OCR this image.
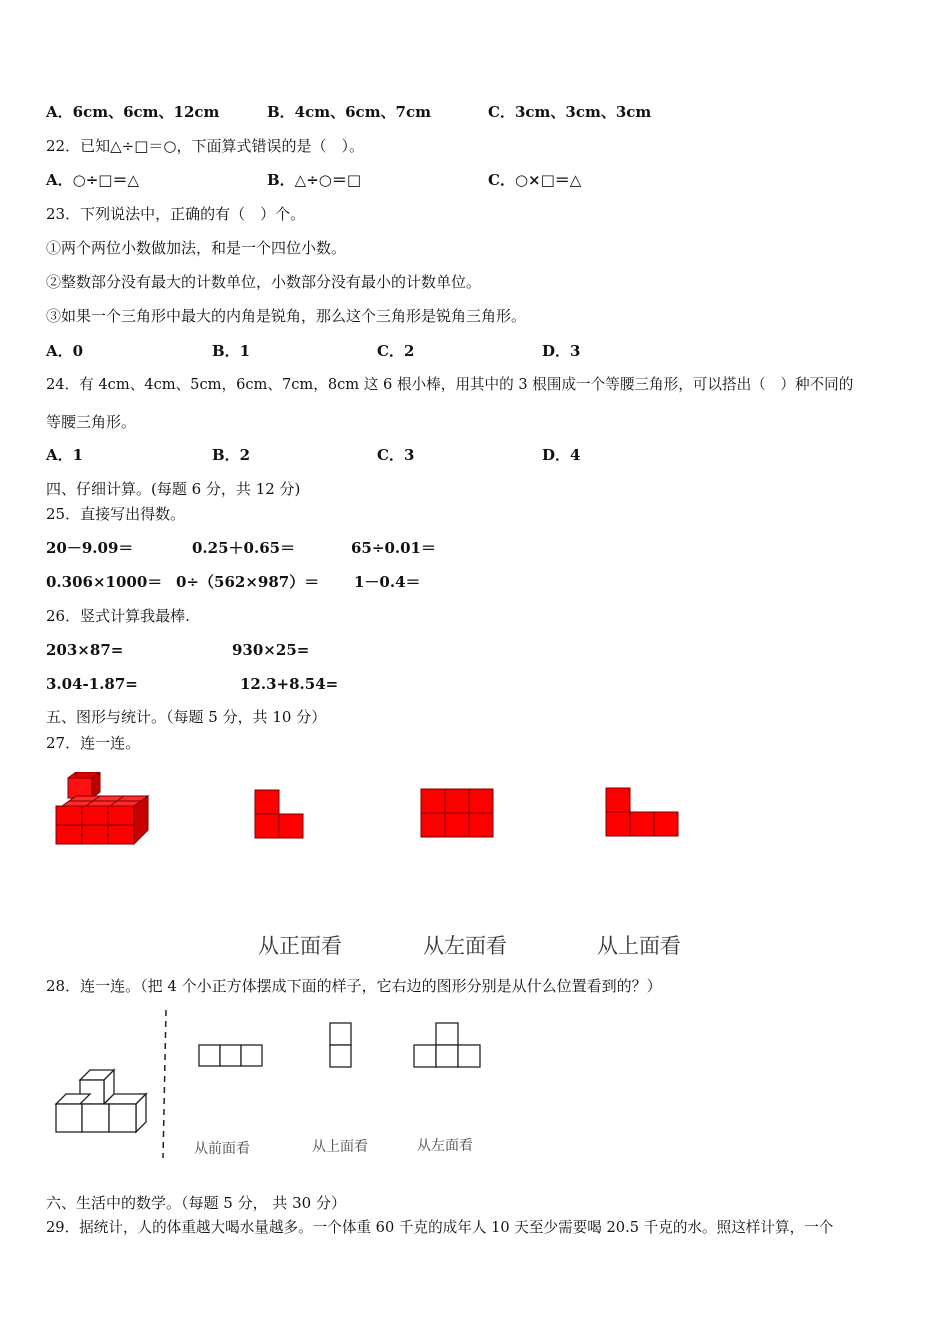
A．6cm、6cm、12cm	B．4cm、6cm、7cm	C．3cm、3cm、3cm
22．已知△÷□＝○，下面算式错误的是（　）。
A．○÷□＝△	B．△÷○＝□	C．○×□＝△
23．下列说法中，正确的有（　）个。
①两个两位小数做加法，和是一个四位小数。
②整数部分没有最大的计数单位，小数部分没有最小的计数单位。
③如果一个三角形中最大的内角是锐角，那么这个三角形是锐角三角形。
A．0	B．1	C．2	D．3
24．有 4cm、4cm、5cm，6cm、7cm，8cm 这 6 根小棒，用其中的 3 根围成一个等腰三角形，可以搭出（　）种不同的
等腰三角形。
A．1	B．2	C．3	D．4
四、仔细计算。(每题 6 分，共 12 分)
25．直接写出得数。
20－9.09＝	0.25＋0.65＝	65÷0.01＝
0.306×1000＝ 0÷（562×987）＝ 1－0.4＝
26．竖式计算我最棒.
203×87=	930×25=
3.04-1.87=	12.3+8.54=
五、图形与统计。（每题 5 分，共 10 分）
27．连一连。
从正面看	从左面看	从上面看
28．连一连。（把 4 个小正方体摆成下面的样子，它右边的图形分别是从什么位置看到的？）
从前面看	从上面看	从左面看
六、生活中的数学。（每题 5 分， 共 30 分）
29．据统计，人的体重越大喝水量越多。一个体重 60 千克的成年人 10 天至少需要喝 20.5 千克的水。照这样计算，一个
